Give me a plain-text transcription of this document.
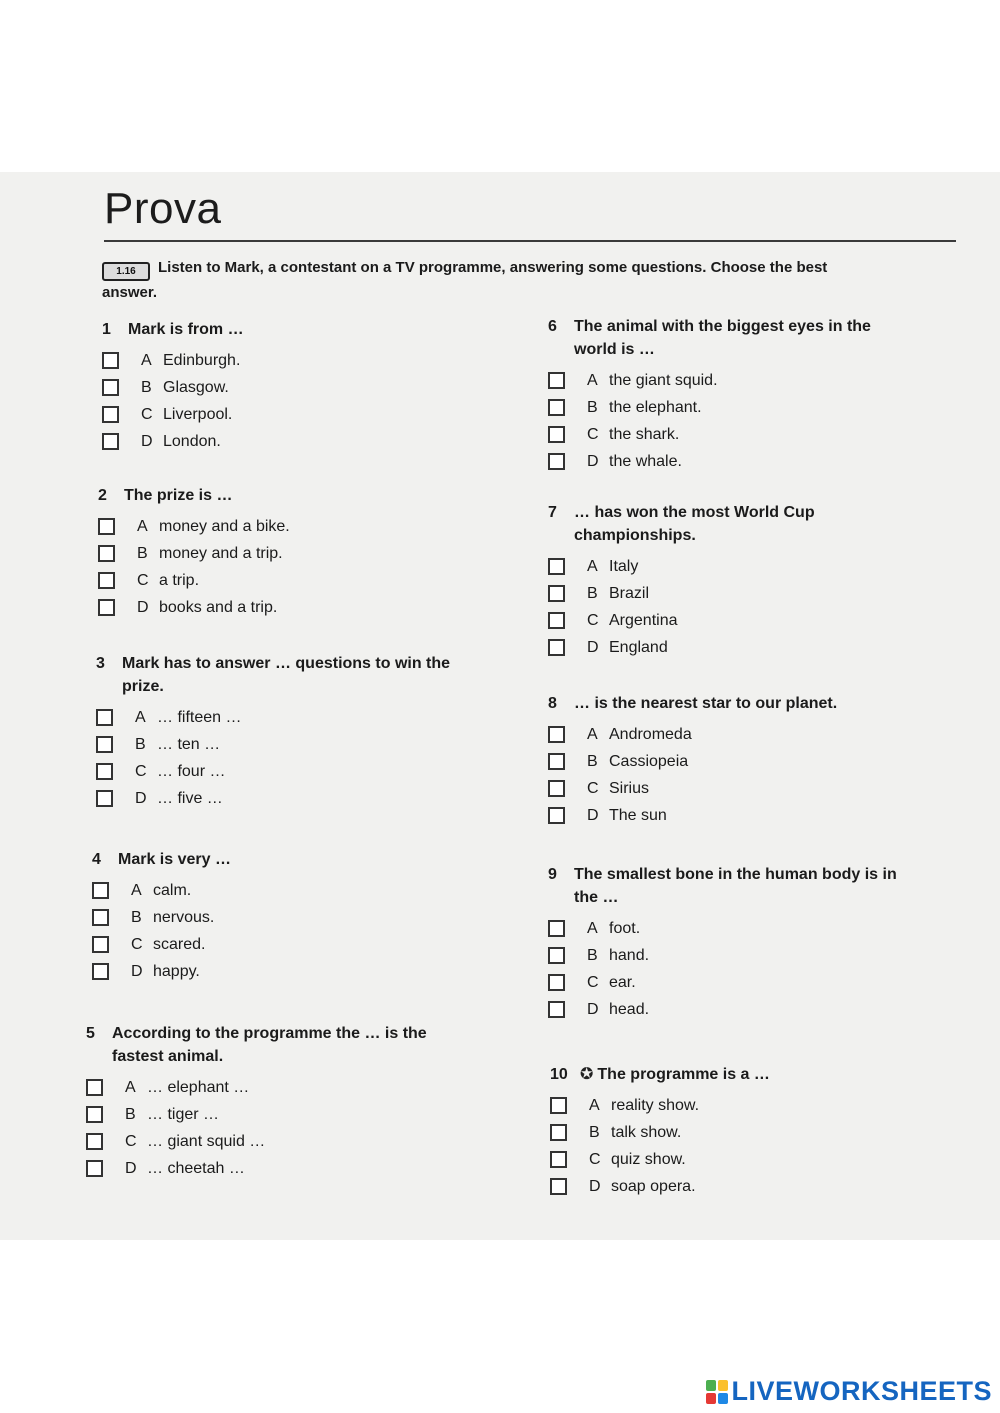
Prova
1.16 Listen to Mark, a contestant on a TV programme, answering some questions. Choose the best answer.
1	Mark is from …
A Edinburgh.
B Glasgow.
C Liverpool.
D London.
2	The prize is …
A money and a bike.
B money and a trip.
C a trip.
D books and a trip.
3	Mark has to answer … questions to win the prize.
A … fifteen …
B … ten …
C … four …
D … five …
4	Mark is very …
A calm.
B nervous.
C scared.
D happy.
5	According to the programme the … is the fastest animal.
A … elephant …
B … tiger …
C … giant squid …
D … cheetah …
6	The animal with the biggest eyes in the world is …
A the giant squid.
B the elephant.
C the shark.
D the whale.
7	… has won the most World Cup championships.
A Italy
B Brazil
C Argentina
D England
8	… is the nearest star to our planet.
A Andromeda
B Cassiopeia
C Sirius
D The sun
9	The smallest bone in the human body is in the …
A foot.
B hand.
C ear.
D head.
10 ✪ The programme is a …
A reality show.
B talk show.
C quiz show.
D soap opera.
LIVEWORKSHEETS
